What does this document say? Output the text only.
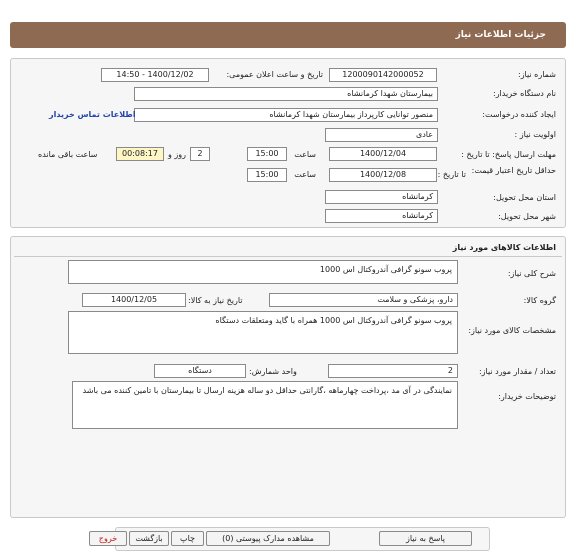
جزئیات اطلاعات نیاز
شماره نیاز:
1200090142000052
تاریخ و ساعت اعلان عمومی:
1400/12/02 - 14:50
نام دستگاه خریدار:
بیمارستان شهدا کرمانشاه
ایجاد کننده درخواست:
منصور توانایی کارپرداز بیمارستان شهدا کرمانشاه
اطلاعات تماس خریدار
اولویت نیاز :
عادی
مهلت ارسال پاسخ: تا تاریخ :
1400/12/04
ساعت
15:00
2
روز و
00:08:17
ساعت باقی مانده
حداقل تاریخ اعتبار قیمت:
تا تاریخ :
1400/12/08
ساعت
15:00
استان محل تحویل:
کرمانشاه
شهر محل تحویل:
کرمانشاه
اطلاعات کالاهای مورد نیاز
شرح کلی نیاز:
پروب سونو گرافی آندروکتال اس 1000
گروه کالا:
دارو، پزشکی و سلامت
تاریخ نیاز به کالا:
1400/12/05
مشخصات کالای مورد نیاز:
پروب سونو گرافی آندروکتال اس 1000 همراه با گاید ومتعلقات دستگاه
تعداد / مقدار مورد نیاز:
2
واحد شمارش:
دستگاه
توضیحات خریدار:
نمایندگی در آی مد ،پرداخت چهارماهه ،گارانتی حداقل دو ساله هزینه ارسال تا بیمارستان با تامین کننده می باشد
پاسخ به نیاز
مشاهده مدارک پیوستی (0)
چاپ
بازگشت
خروج
